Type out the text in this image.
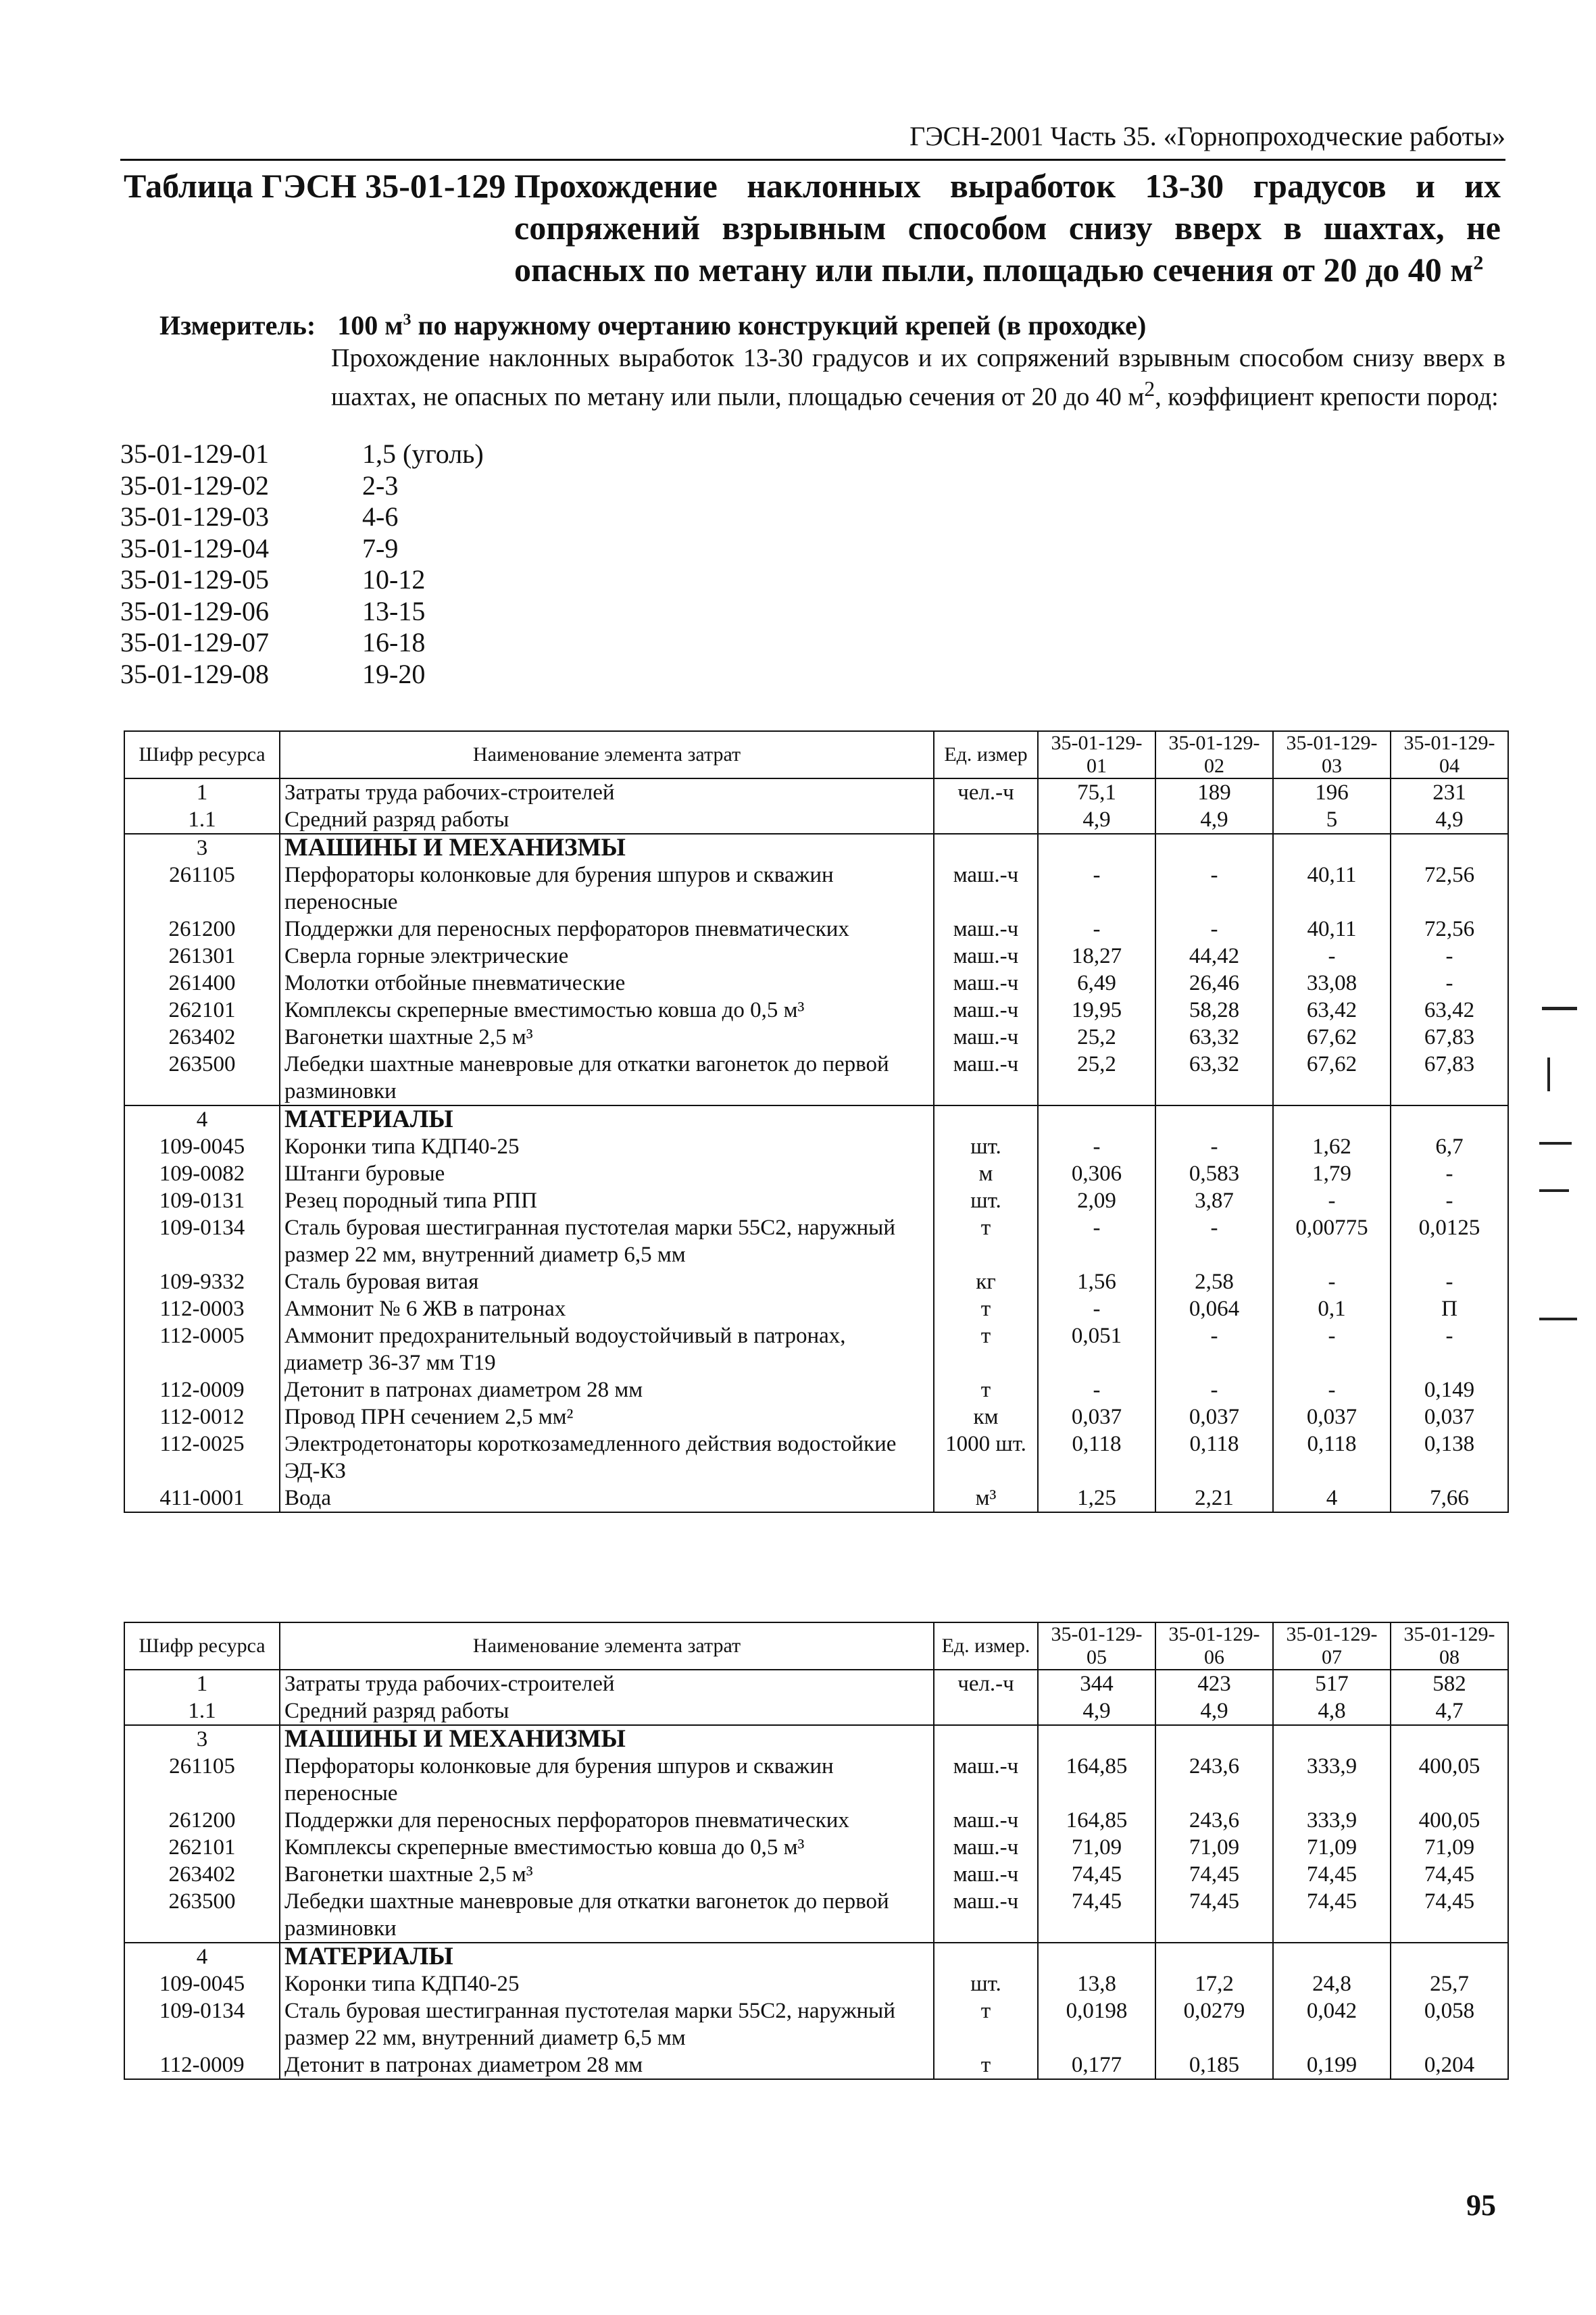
ГЭСН-2001 Часть 35. «Горнопроходческие работы»
Таблица ГЭСН 35-01-129 Прохождение наклонных выработок 13-30 градусов и их сопряжений взрывным способом снизу вверх в шахтах, не опасных по метану или пыли, площадью сечения от 20 до 40 $м^2$
Измеритель: 100 $м^3$ по наружному очертанию конструкций крепей (в проходке)
Прохождение наклонных выработок 13-30 градусов и их сопряжений взрывным способом снизу вверх в шахтах, не опасных по метану или пыли, площадью сечения от 20 до 40 $м^2$, коэффициент крепости пород:
35-01-129-01	1,5 (уголь)
35-01-129-02	2-3
35-01-129-03	4-6
35-01-129-04	7-9
35-01-129-05	10-12
35-01-129-06	13-15
35-01-129-07	16-18
35-01-129-08	19-20
Шифр ресурса	Наименование элемента затрат	Ед. измер	35-01-129-01	35-01-129-02	35-01-129-03	35-01-129-04
1	Затраты труда рабочих-строителей	чел.-ч	75,1	189	196	231
1.1	Средний разряд работы		4,9	4,9	5	4,9
3	МАШИНЫ И МЕХАНИЗМЫ					
261105	Перфораторы колонковые для бурения шпуров и скважин переносные	маш.-ч	-	-	40,11	72,56
261200	Поддержки для переносных перфораторов пневматических	маш.-ч	-	-	40,11	72,56
261301	Сверла горные электрические	маш.-ч	18,27	44,42	-	-
261400	Молотки отбойные пневматические	маш.-ч	6,49	26,46	33,08	-
262101	Комплексы скреперные вместимостью ковша до 0,5 м³	маш.-ч	19,95	58,28	63,42	63,42
263402	Вагонетки шахтные 2,5 м³	маш.-ч	25,2	63,32	67,62	67,83
263500	Лебедки шахтные маневровые для откатки вагонеток до первой разминовки	маш.-ч	25,2	63,32	67,62	67,83
4	МАТЕРИАЛЫ					
109-0045	Коронки типа КДП40-25	шт.	-	-	1,62	6,7
109-0082	Штанги буровые	м	0,306	0,583	1,79	-
109-0131	Резец породный типа РПП	шт.	2,09	3,87	-	-
109-0134	Сталь буровая шестигранная пустотелая марки 55С2, наружный размер 22 мм, внутренний диаметр 6,5 мм	т	-	-	0,00775	0,0125
109-9332	Сталь буровая витая	кг	1,56	2,58	-	-
112-0003	Аммонит № 6 ЖВ в патронах	т	-	0,064	0,1	П
112-0005	Аммонит предохранительный водоустойчивый в патронах, диаметр 36-37 мм Т19	т	0,051	-	-	-
112-0009	Детонит в патронах диаметром 28 мм	т	-	-	-	0,149
112-0012	Провод ПРН сечением 2,5 мм²	км	0,037	0,037	0,037	0,037
112-0025	Электродетонаторы короткозамедленного действия водостойкие ЭД-КЗ	1000 шт.	0,118	0,118	0,118	0,138
411-0001	Вода	м³	1,25	2,21	4	7,66
Шифр ресурса	Наименование элемента затрат	Ед. измер.	35-01-129-05	35-01-129-06	35-01-129-07	35-01-129-08
1	Затраты труда рабочих-строителей	чел.-ч	344	423	517	582
1.1	Средний разряд работы		4,9	4,9	4,8	4,7
3	МАШИНЫ И МЕХАНИЗМЫ					
261105	Перфораторы колонковые для бурения шпуров и скважин переносные	маш.-ч	164,85	243,6	333,9	400,05
261200	Поддержки для переносных перфораторов пневматических	маш.-ч	164,85	243,6	333,9	400,05
262101	Комплексы скреперные вместимостью ковша до 0,5 м³	маш.-ч	71,09	71,09	71,09	71,09
263402	Вагонетки шахтные 2,5 м³	маш.-ч	74,45	74,45	74,45	74,45
263500	Лебедки шахтные маневровые для откатки вагонеток до первой разминовки	маш.-ч	74,45	74,45	74,45	74,45
4	МАТЕРИАЛЫ					
109-0045	Коронки типа КДП40-25	шт.	13,8	17,2	24,8	25,7
109-0134	Сталь буровая шестигранная пустотелая марки 55С2, наружный размер 22 мм, внутренний диаметр 6,5 мм	т	0,0198	0,0279	0,042	0,058
112-0009	Детонит в патронах диаметром 28 мм	т	0,177	0,185	0,199	0,204
95
